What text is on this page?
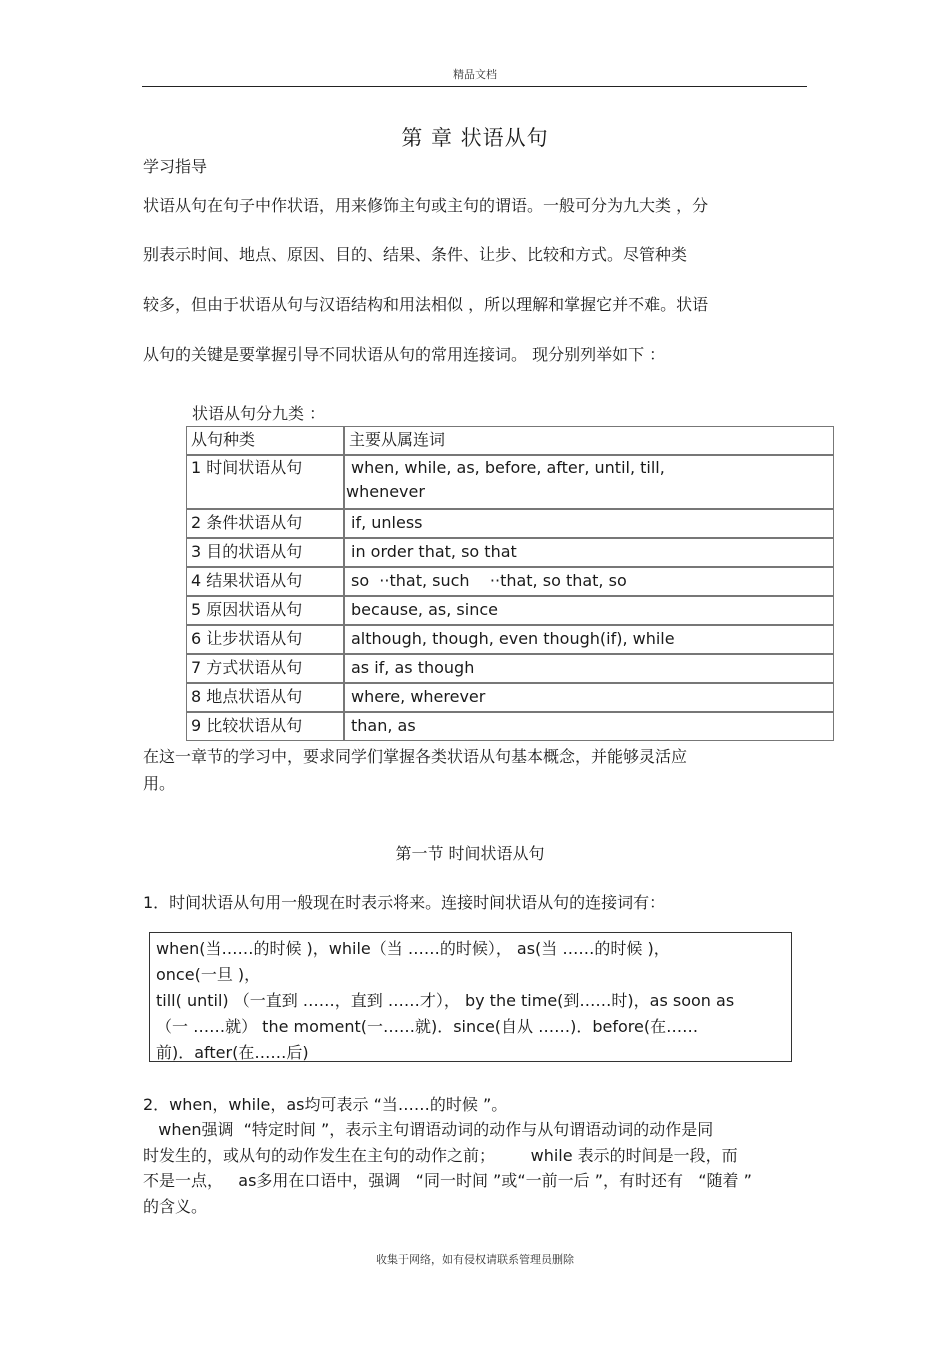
精品文档
第 章 状语从句
学习指导
状语从句在句子中作状语，用来修饰主句或主句的谓语。一般可分为九大类 ，分
别表示时间、地点、原因、目的、结果、条件、让步、比较和方式。尽管种类
较多，但由于状语从句与汉语结构和用法相似 ，所以理解和掌握它并不难。状语
从句的关键是要掌握引导不同状语从句的常用连接词。 现分别列举如下 ：
状语从句分九类 ：
从句种类	主要从属连词
1 时间状语从句	when, while, as, before, after, until, till,
whenever

2 条件状语从句	if, unless
3 目的状语从句	in order that, so that
4 结果状语从句	so  ··that, such    ··that, so that, so
5 原因状语从句	because, as, since
6 让步状语从句	although, though, even though(if), while
7 方式状语从句	as if, as though
8 地点状语从句	where, wherever
9 比较状语从句	than, as
在这一章节的学习中，要求同学们掌握各类状语从句基本概念，并能够灵活应
用。
第一节 时间状语从句
1．时间状语从句用一般现在时表示将来。连接时间状语从句的连接词有：
when(当……的时候 )，while（当 ……的时候）， as(当 ……的时候 )，
once(一旦 )，
till( until) （一直到 ……，直到 ……才）， by the time(到……时)，as soon as
（一 ……就） the moment(一……就)．since(自从 ……)．before(在……
前)．after(在……后)
2．when，while，as均可表示 “当……的时候 ”。
when强调  “特定时间 ”，表示主句谓语动词的动作与从句谓语动词的动作是同
时发生的，或从句的动作发生在主句的动作之前；       while 表示的时间是一段，而
不是一点，   as多用在口语中，强调   “同一时间 ”或“一前一后 ”，有时还有   “随着 ”
的含义。
收集于网络，如有侵权请联系管理员删除
